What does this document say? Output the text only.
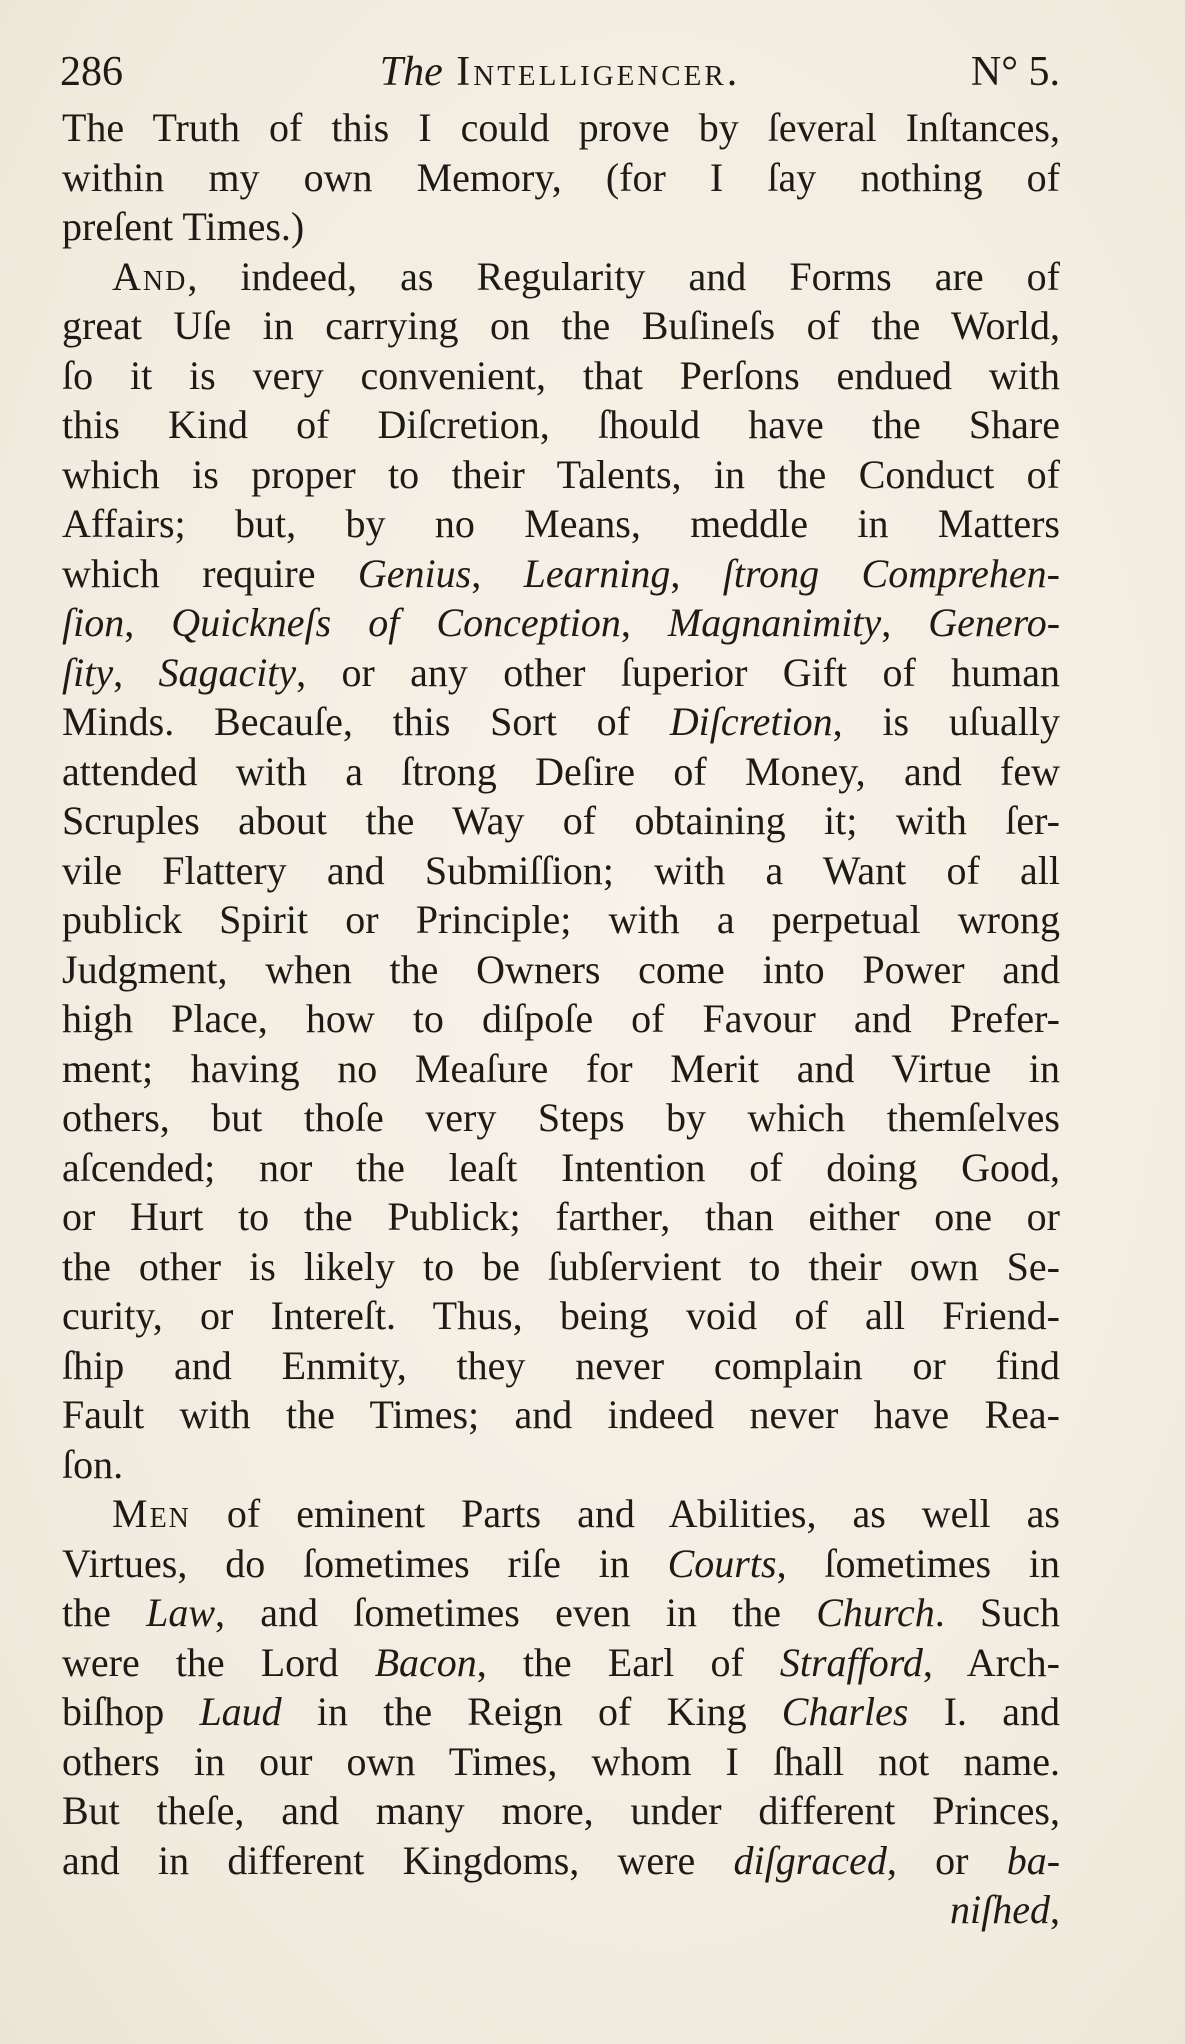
286	The Intelligencer.	N° 5.
The Truth of this I could prove by ſeveral Inſtances,
within my own Memory, (for I ſay nothing of
preſent Times.)
And, indeed, as Regularity and Forms are of
great Uſe in carrying on the Buſineſs of the World,
ſo it is very convenient, that Perſons endued with
this Kind of Diſcretion, ſhould have the Share
which is proper to their Talents, in the Conduct of
Affairs; but, by no Means, meddle in Matters
which require Genius, Learning, ſtrong Comprehen-
ſion, Quickneſs of Conception, Magnanimity, Genero-
ſity, Sagacity, or any other ſuperior Gift of human
Minds. Becauſe, this Sort of Diſcretion, is uſually
attended with a ſtrong Deſire of Money, and few
Scruples about the Way of obtaining it; with ſer-
vile Flattery and Submiſſion; with a Want of all
publick Spirit or Principle; with a perpetual wrong
Judgment, when the Owners come into Power and
high Place, how to diſpoſe of Favour and Prefer-
ment; having no Meaſure for Merit and Virtue in
others, but thoſe very Steps by which themſelves
aſcended; nor the leaſt Intention of doing Good,
or Hurt to the Publick; farther, than either one or
the other is likely to be ſubſervient to their own Se-
curity, or Intereſt. Thus, being void of all Friend-
ſhip and Enmity, they never complain or find
Fault with the Times; and indeed never have Rea-
ſon.
Men of eminent Parts and Abilities, as well as
Virtues, do ſometimes riſe in Courts, ſometimes in
the Law, and ſometimes even in the Church. Such
were the Lord Bacon, the Earl of Strafford, Arch-
biſhop Laud in the Reign of King Charles I. and
others in our own Times, whom I ſhall not name.
But theſe, and many more, under different Princes,
and in different Kingdoms, were diſgraced, or ba-
niſhed,
